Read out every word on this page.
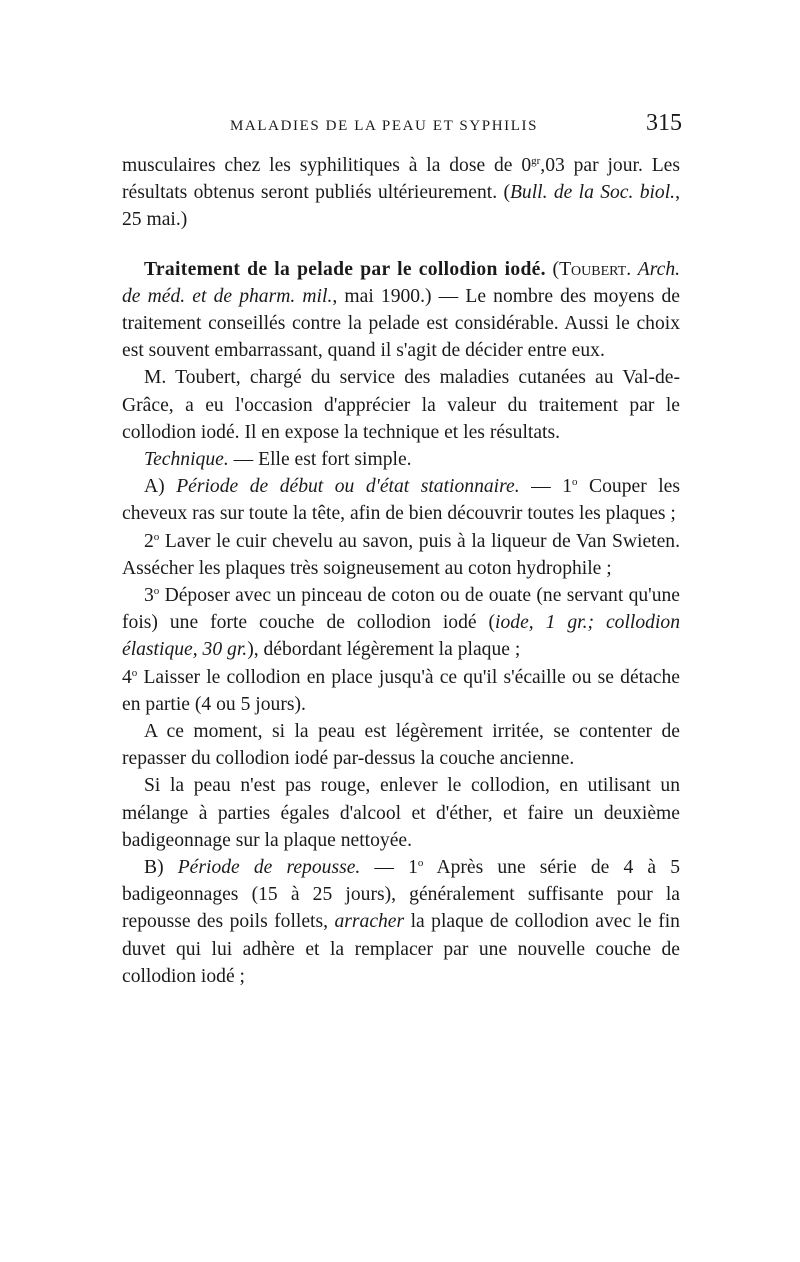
MALADIES DE LA PEAU ET SYPHILIS	315

musculaires chez les syphilitiques à la dose de $0^{gr},03$ par jour. Les résultats obtenus seront publiés ultérieurement. (Bull. de la Soc. biol., 25 mai.)

Traitement de la pelade par le collodion iodé. (Toubert. Arch. de méd. et de pharm. mil., mai 1900.) — Le nombre des moyens de traitement conseillés contre la pelade est considérable. Aussi le choix est souvent embarrassant, quand il s'agit de décider entre eux.

M. Toubert, chargé du service des maladies cutanées au Val-de-Grâce, a eu l'occasion d'apprécier la valeur du traitement par le collodion iodé. Il en expose la technique et les résultats.

Technique. — Elle est fort simple.

A) Période de début ou d'état stationnaire. — 1$^o$ Couper les cheveux ras sur toute la tête, afin de bien découvrir toutes les plaques ;

2$^o$ Laver le cuir chevelu au savon, puis à la liqueur de Van Swieten. Assécher les plaques très soigneusement au coton hydrophile ;

3$^o$ Déposer avec un pinceau de coton ou de ouate (ne servant qu'une fois) une forte couche de collodion iodé (iode, 1 gr.; collodion élastique, 30 gr.), débordant légèrement la plaque ;

4$^o$ Laisser le collodion en place jusqu'à ce qu'il s'écaille ou se détache en partie (4 ou 5 jours).

A ce moment, si la peau est légèrement irritée, se contenter de repasser du collodion iodé par-dessus la couche ancienne.

Si la peau n'est pas rouge, enlever le collodion, en utilisant un mélange à parties égales d'alcool et d'éther, et faire un deuxième badigeonnage sur la plaque nettoyée.

B) Période de repousse. — 1$^o$ Après une série de 4 à 5 badigeonnages (15 à 25 jours), généralement suffisante pour la repousse des poils follets, arracher la plaque de collodion avec le fin duvet qui lui adhère et la remplacer par une nouvelle couche de collodion iodé ;
